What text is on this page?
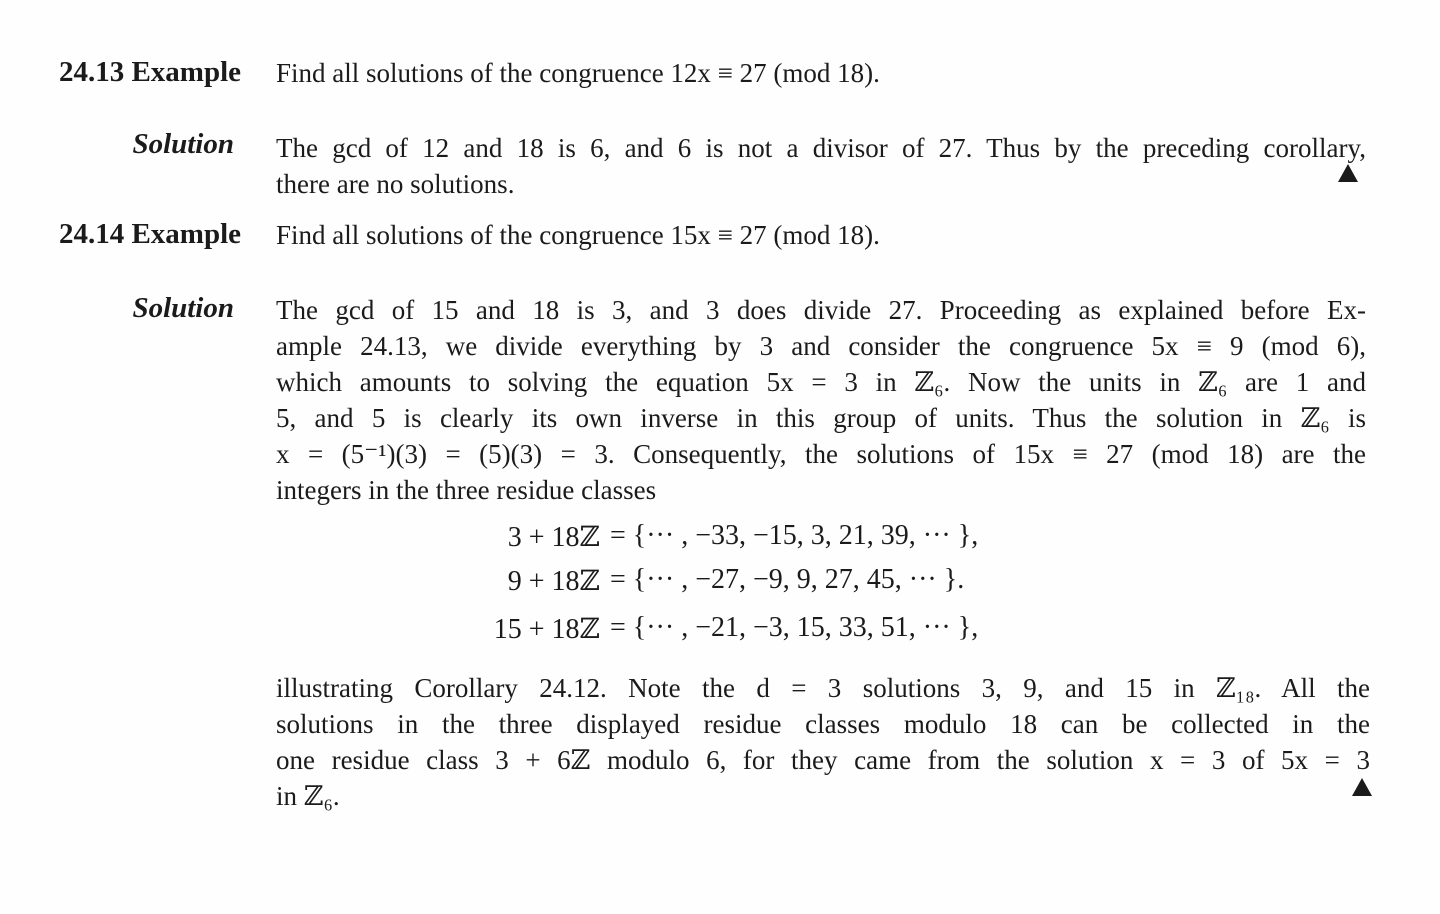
24.13 Example Find all solutions of the congruence 12x ≡ 27 (mod 18).
Solution The gcd of 12 and 18 is 6, and 6 is not a divisor of 27. Thus by the preceding corollary,
there are no solutions.
24.14 Example Find all solutions of the congruence 15x ≡ 27 (mod 18).
Solution The gcd of 15 and 18 is 3, and 3 does divide 27. Proceeding as explained before Ex-
ample 24.13, we divide everything by 3 and consider the congruence 5x ≡ 9 (mod 6),
which amounts to solving the equation 5x = 3 in ℤ₆. Now the units in ℤ₆ are 1 and
5, and 5 is clearly its own inverse in this group of units. Thus the solution in ℤ₆ is
x = (5⁻¹)(3) = (5)(3) = 3. Consequently, the solutions of 15x ≡ 27 (mod 18) are the
integers in the three residue classes
3 + 18ℤ = {··· , −33, −15, 3, 21, 39, ··· },
9 + 18ℤ = {··· , −27, −9, 9, 27, 45, ··· }.
15 + 18ℤ = {··· , −21, −3, 15, 33, 51, ··· },
illustrating Corollary 24.12. Note the d = 3 solutions 3, 9, and 15 in ℤ₁₈. All the
solutions in the three displayed residue classes modulo 18 can be collected in the
one residue class 3 + 6ℤ modulo 6, for they came from the solution x = 3 of 5x = 3
in ℤ₆.
